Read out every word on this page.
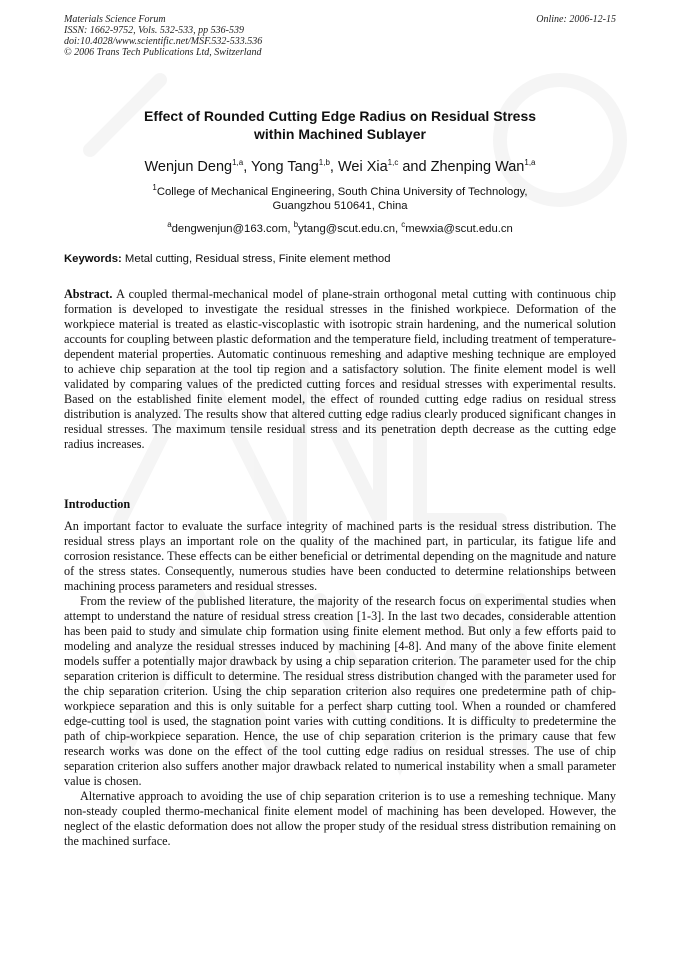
Materials Science Forum
ISSN: 1662-9752, Vols. 532-533, pp 536-539
doi:10.4028/www.scientific.net/MSF.532-533.536
© 2006 Trans Tech Publications Ltd, Switzerland
Online: 2006-12-15
Effect of Rounded Cutting Edge Radius on Residual Stress
within Machined Sublayer
Wenjun Deng$^{1,a}$, Yong Tang$^{1,b}$, Wei Xia$^{1,c}$ and Zhenping Wan$^{1,a}$
$^1$College of Mechanical Engineering, South China University of Technology,
Guangzhou 510641, China
$^a$dengwenjun@163.com, $^b$ytang@scut.edu.cn, $^c$mewxia@scut.edu.cn
Keywords: Metal cutting, Residual stress, Finite element method
Abstract. A coupled thermal-mechanical model of plane-strain orthogonal metal cutting with continuous chip formation is developed to investigate the residual stresses in the finished workpiece. Deformation of the workpiece material is treated as elastic-viscoplastic with isotropic strain hardening, and the numerical solution accounts for coupling between plastic deformation and the temperature field, including treatment of temperature-dependent material properties. Automatic continuous remeshing and adaptive meshing technique are employed to achieve chip separation at the tool tip region and a satisfactory solution. The finite element model is well validated by comparing values of the predicted cutting forces and residual stresses with experimental results. Based on the established finite element model, the effect of rounded cutting edge radius on residual stress distribution is analyzed. The results show that altered cutting edge radius clearly produced significant changes in residual stresses. The maximum tensile residual stress and its penetration depth decrease as the cutting edge radius increases.
Introduction

An important factor to evaluate the surface integrity of machined parts is the residual stress distribution. The residual stress plays an important role on the quality of the machined part, in particular, its fatigue life and corrosion resistance. These effects can be either beneficial or detrimental depending on the magnitude and nature of the stress states. Consequently, numerous studies have been conducted to determine relationships between machining process parameters and residual stresses.

From the review of the published literature, the majority of the research focus on experimental studies when attempt to understand the nature of residual stress creation [1-3]. In the last two decades, considerable attention has been paid to study and simulate chip formation using finite element method. But only a few efforts paid to modeling and analyze the residual stresses induced by machining [4-8]. And many of the above finite element models suffer a potentially major drawback by using a chip separation criterion. The parameter used for the chip separation criterion is difficult to determine. The residual stress distribution changed with the parameter used for the chip separation criterion. Using the chip separation criterion also requires one predetermine path of chip-workpiece separation and this is only suitable for a perfect sharp cutting tool. When a rounded or chamfered edge-cutting tool is used, the stagnation point varies with cutting conditions. It is difficulty to predetermine the path of chip-workpiece separation. Hence, the use of chip separation criterion is the primary cause that few research works was done on the effect of the tool cutting edge radius on residual stresses. The use of chip separation criterion also suffers another major drawback related to numerical instability when a small parameter value is chosen.

Alternative approach to avoiding the use of chip separation criterion is to use a remeshing technique. Many non-steady coupled thermo-mechanical finite element model of machining has been developed. However, the neglect of the elastic deformation does not allow the proper study of the residual stress distribution remaining on the machined surface.
